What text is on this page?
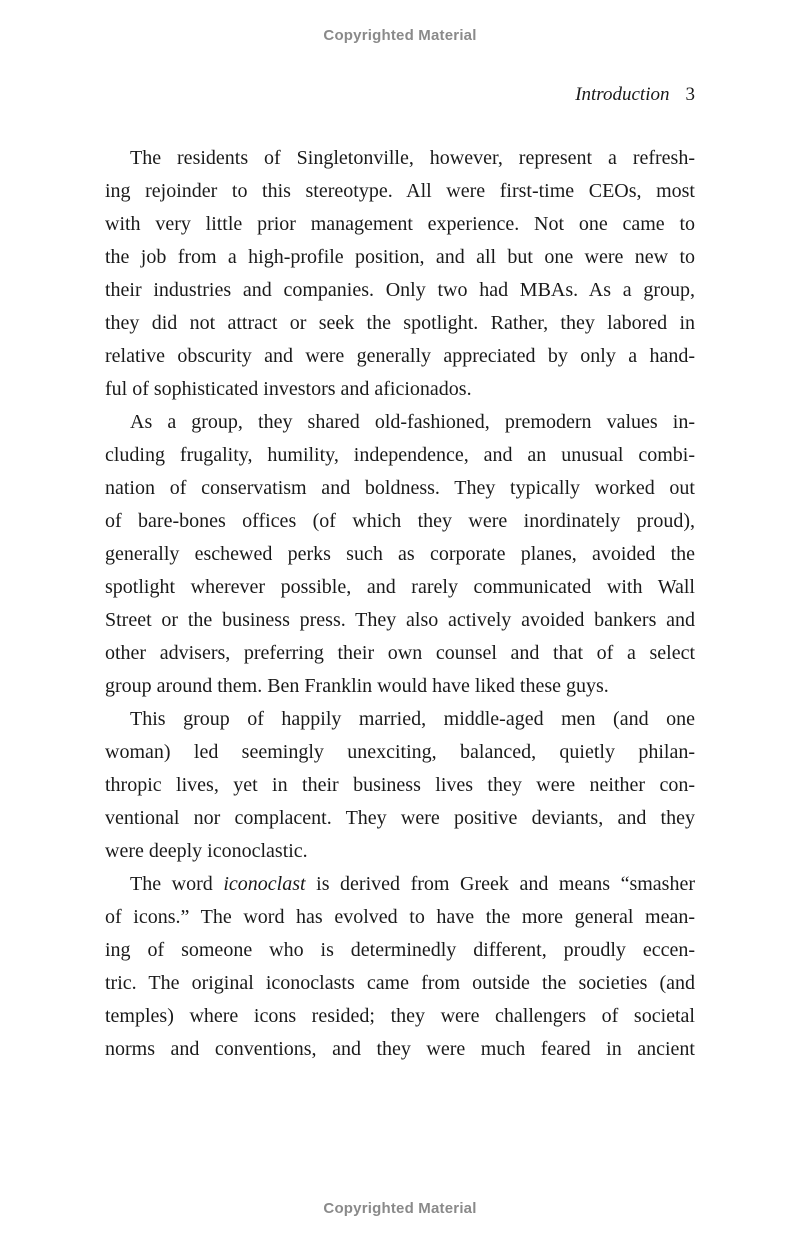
Copyrighted Material
Introduction 3
The residents of Singletonville, however, represent a refresh-
ing rejoinder to this stereotype. All were first-time CEOs, most
with very little prior management experience. Not one came to
the job from a high-profile position, and all but one were new to
their industries and companies. Only two had MBAs. As a group,
they did not attract or seek the spotlight. Rather, they labored in
relative obscurity and were generally appreciated by only a hand-
ful of sophisticated investors and aficionados.
As a group, they shared old-fashioned, premodern values in-
cluding frugality, humility, independence, and an unusual combi-
nation of conservatism and boldness. They typically worked out
of bare-bones offices (of which they were inordinately proud),
generally eschewed perks such as corporate planes, avoided the
spotlight wherever possible, and rarely communicated with Wall
Street or the business press. They also actively avoided bankers and
other advisers, preferring their own counsel and that of a select
group around them. Ben Franklin would have liked these guys.
This group of happily married, middle-aged men (and one
woman) led seemingly unexciting, balanced, quietly philan-
thropic lives, yet in their business lives they were neither con-
ventional nor complacent. They were positive deviants, and they
were deeply iconoclastic.
The word iconoclast is derived from Greek and means “smasher
of icons.” The word has evolved to have the more general mean-
ing of someone who is determinedly different, proudly eccen-
tric. The original iconoclasts came from outside the societies (and
temples) where icons resided; they were challengers of societal
norms and conventions, and they were much feared in ancient
Copyrighted Material
